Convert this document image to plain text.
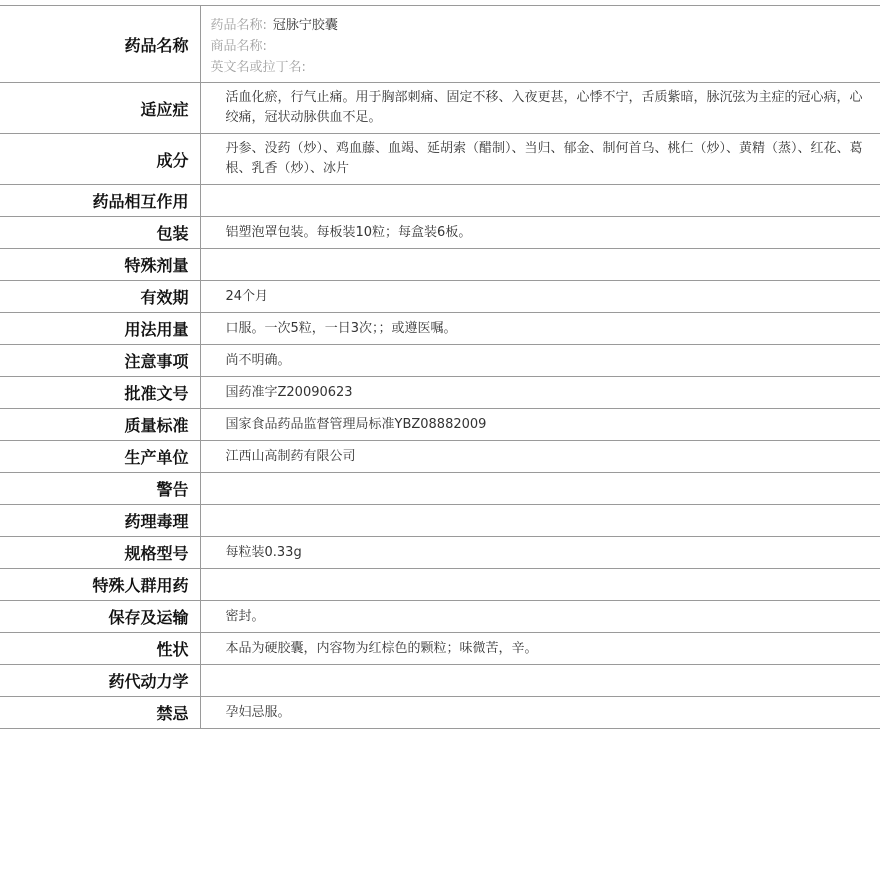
药品名称	药品名称: 冠脉宁胶囊
商品名称:
英文名或拉丁名:

适应症	活血化瘀，行气止痛。用于胸部刺痛、固定不移、入夜更甚，心悸不宁，舌质紫暗，脉沉弦为主症的冠心病，心绞痛，冠状动脉供血不足。
成分	丹参、没药（炒）、鸡血藤、血竭、延胡索（醋制）、当归、郁金、制何首乌、桃仁（炒）、黄精（蒸）、红花、葛根、乳香（炒）、冰片
药品相互作用	
包装	铝塑泡罩包装。每板装10粒；每盒装6板。
特殊剂量	
有效期	24个月
用法用量	口服。一次5粒，一日3次；；或遵医嘱。
注意事项	尚不明确。
批准文号	国药准字Z20090623
质量标准	国家食品药品监督管理局标准YBZ08882009
生产单位	江西山高制药有限公司
警告	
药理毒理	
规格型号	每粒装0.33g
特殊人群用药	
保存及运输	密封。
性状	本品为硬胶囊，内容物为红棕色的颗粒；味微苦，辛。
药代动力学	
禁忌	孕妇忌服。
